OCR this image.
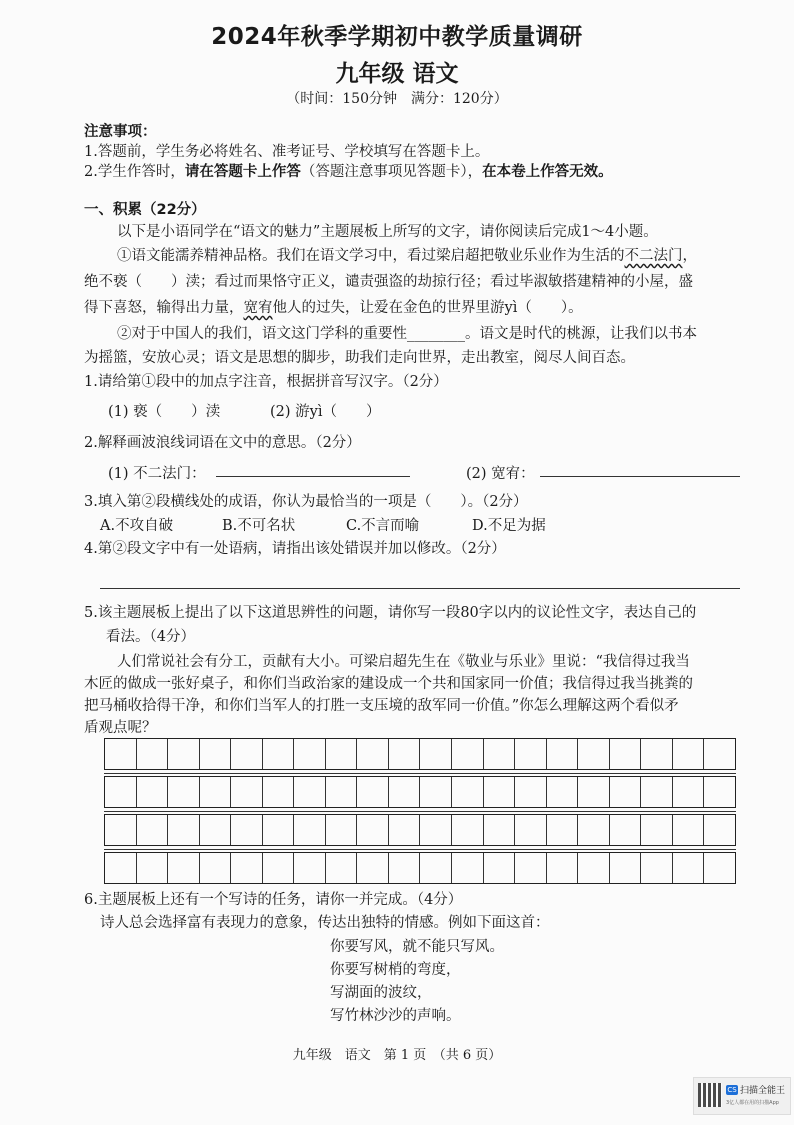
2024年秋季学期初中教学质量调研
九年级 语文
（时间：150分钟　满分：120分）
注意事项：
1.答题前，学生务必将姓名、准考证号、学校填写在答题卡上。
2.学生作答时，请在答题卡上作答（答题注意事项见答题卡），在本卷上作答无效。
一、积累（22分）
以下是小语同学在“语文的魅力”主题展板上所写的文字，请你阅读后完成1～4小题。
①语文能濡养精神品格。我们在语文学习中，看过梁启超把敬业乐业作为生活的不二法门，
绝不亵（　　）渎；看过而果恪守正义，谴责强盗的劫掠行径；看过毕淑敏搭建精神的小屋，盛
得下喜怒，输得出力量，宽宥他人的过失，让爱在金色的世界里游yì（　　）。
②对于中国人的我们，语文这门学科的重要性________。语文是时代的桃源，让我们以书本
为摇篮，安放心灵；语文是思想的脚步，助我们走向世界，走出教室，阅尽人间百态。
1.请给第①段中的加点字注音，根据拼音写汉字。（2分）
(1) 亵（　　）渎	(2) 游yì（　　）
2.解释画波浪线词语在文中的意思。（2分）
(1) 不二法门：	(2) 宽宥：
3.填入第②段横线处的成语，你认为最恰当的一项是（　　）。（2分）
A.不攻自破	B.不可名状	C.不言而喻	D.不足为据
4.第②段文字中有一处语病，请指出该处错误并加以修改。（2分）
5.该主题展板上提出了以下这道思辨性的问题，请你写一段80字以内的议论性文字，表达自己的
看法。（4分）
人们常说社会有分工，贡献有大小。可梁启超先生在《敬业与乐业》里说：“我信得过我当
木匠的做成一张好桌子，和你们当政治家的建设成一个共和国家同一价值；我信得过我当挑粪的
把马桶收拾得干净，和你们当军人的打胜一支压境的敌军同一价值。”你怎么理解这两个看似矛
盾观点呢？
6.主题展板上还有一个写诗的任务，请你一并完成。（4分）
诗人总会选择富有表现力的意象，传达出独特的情感。例如下面这首：
你要写风，就不能只写风。
你要写树梢的弯度，
写湖面的波纹，
写竹林沙沙的声响。
九年级　语文　第 1 页　（共 6 页）
CS 扫描全能王
3亿人都在用的扫描App
